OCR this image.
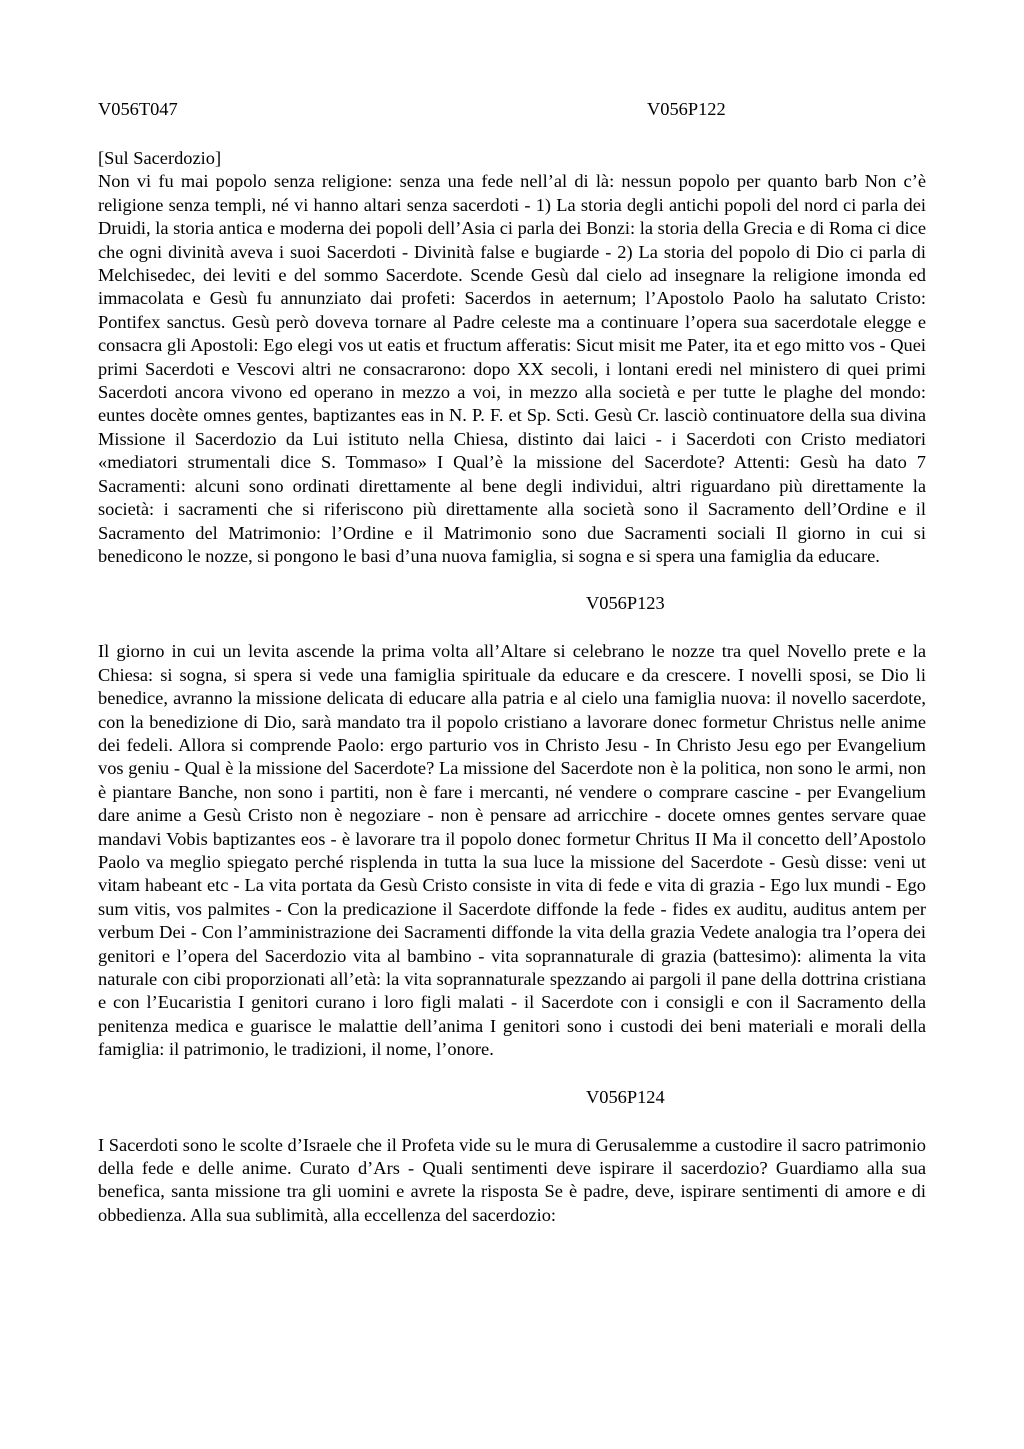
V056T047	V056P122
[Sul Sacerdozio]

Non vi fu mai popolo senza religione: senza una fede nell’al di là: nessun popolo per quanto barb Non c’è religione senza templi, né vi hanno altari senza sacerdoti - 1) La storia degli antichi popoli del nord ci parla dei Druidi, la storia antica e moderna dei popoli dell’Asia ci parla dei Bonzi: la storia della Grecia e di Roma ci dice che ogni divinità aveva i suoi Sacerdoti - Divinità false e bugiarde - 2) La storia del popolo di Dio ci parla di Melchisedec, dei leviti e del sommo Sacerdote. Scende Gesù dal cielo ad insegnare la religione imonda ed immacolata e Gesù fu annunziato dai profeti: Sacerdos in aeternum; l’Apostolo Paolo ha salutato Cristo: Pontifex sanctus. Gesù però doveva tornare al Padre celeste ma a continuare l’opera sua sacerdotale elegge e consacra gli Apostoli: Ego elegi vos ut eatis et fructum afferatis: Sicut misit me Pater, ita et ego mitto vos - Quei primi Sacerdoti e Vescovi altri ne consacrarono: dopo XX secoli, i lontani eredi nel ministero di quei primi Sacerdoti ancora vivono ed operano in mezzo a voi, in mezzo alla società e per tutte le plaghe del mondo: euntes docète omnes gentes, baptizantes eas in N. P. F. et Sp. Scti. Gesù Cr. lasciò continuatore della sua divina Missione il Sacerdozio da Lui istituto nella Chiesa, distinto dai laici - i Sacerdoti con Cristo mediatori «mediatori strumentali dice S. Tommaso» I Qual’è la missione del Sacerdote? Attenti: Gesù ha dato 7 Sacramenti: alcuni sono ordinati direttamente al bene degli individui, altri riguardano più direttamente la società: i sacramenti che si riferiscono più direttamente alla società sono il Sacramento dell’Ordine e il Sacramento del Matrimonio: l’Ordine e il Matrimonio sono due Sacramenti sociali Il giorno in cui si benedicono le nozze, si pongono le basi d’una nuova famiglia, si sogna e si spera una famiglia da educare.

V056P123

Il giorno in cui un levita ascende la prima volta all’Altare si celebrano le nozze tra quel Novello prete e la Chiesa: si sogna, si spera si vede una famiglia spirituale da educare e da crescere. I novelli sposi, se Dio li benedice, avranno la missione delicata di educare alla patria e al cielo una famiglia nuova: il novello sacerdote, con la benedizione di Dio, sarà mandato tra il popolo cristiano a lavorare donec formetur Christus nelle anime dei fedeli. Allora si comprende Paolo: ergo parturio vos in Christo Jesu - In Christo Jesu ego per Evangelium vos geniu - Qual è la missione del Sacerdote? La missione del Sacerdote non è la politica, non sono le armi, non è piantare Banche, non sono i partiti, non è fare i mercanti, né vendere o comprare cascine - per Evangelium dare anime a Gesù Cristo non è negoziare - non è pensare ad arricchire - docete omnes gentes servare quae mandavi Vobis baptizantes eos - è lavorare tra il popolo donec formetur Chritus II Ma il concetto dell’Apostolo Paolo va meglio spiegato perché risplenda in tutta la sua luce la missione del Sacerdote - Gesù disse: veni ut vitam habeant etc - La vita portata da Gesù Cristo consiste in vita di fede e vita di grazia - Ego lux mundi - Ego sum vitis, vos palmites - Con la predicazione il Sacerdote diffonde la fede - fides ex auditu, auditus antem per verbum Dei - Con l’amministrazione dei Sacramenti diffonde la vita della grazia Vedete analogia tra l’opera dei genitori e l’opera del Sacerdozio vita al bambino - vita soprannaturale di grazia (battesimo): alimenta la vita naturale con cibi proporzionati all’età: la vita soprannaturale spezzando ai pargoli il pane della dottrina cristiana e con l’Eucaristia I genitori curano i loro figli malati - il Sacerdote con i consigli e con il Sacramento della penitenza medica e guarisce le malattie dell’anima I genitori sono i custodi dei beni materiali e morali della famiglia: il patrimonio, le tradizioni, il nome, l’onore.

V056P124

I Sacerdoti sono le scolte d’Israele che il Profeta vide su le mura di Gerusalemme a custodire il sacro patrimonio della fede e delle anime. Curato d’Ars - Quali sentimenti deve ispirare il sacerdozio? Guardiamo alla sua benefica, santa missione tra gli uomini e avrete la risposta Se è padre, deve, ispirare sentimenti di amore e di obbedienza. Alla sua sublimità, alla eccellenza del sacerdozio:
